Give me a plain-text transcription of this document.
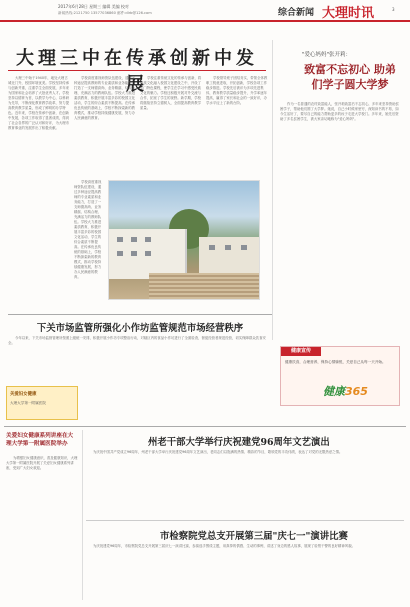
2017年6月28日 星期三 编辑 美编 校对
新闻热线:2121750 13577036860 邮件:dlrb@126.com	综合新闻 大理时讯	3
大理三中在传承创新中发展
大理三中始于1940年，地处大理古城北门外，校园环境优美。学校坚持传承与创新并重，注重学生全面发展，多年来为国家和社会培养了大批优秀人才。学校坚持以德育为首，以教学为中心，以科研为先导，不断深化教育教学改革，努力提高教育教学质量，形成了鲜明的办学特色。近年来，学校在传承中创新，在创新中发展，各项工作取得了显著成绩，得到了社会各界的广泛认可和好评，为大理市教育事业的发展作出了积极贡献。
学校高度重视师资队伍建设，通过多种途径提高教师的专业素质和业务能力，打造了一支师德高尚、业务精湛、结构合理、充满活力的教师队伍。学校大力推进素质教育，积极开展丰富多彩的校园文化活动，学生的综合素质不断提高。在传承优良传统的基础上，学校不断探索新的教育模式，推动学校持续健康发展，努力办人民满意的教育。
学校注重传统文化的传承与创新，将白族文化融入校园文化建设之中，开设了多门特色课程，使学生在学习中感受民族文化的魅力。学校还积极开展对外交流与合作，拓宽了学生的视野。新学期，学校将继续坚持立德树人，全面提高教育教学质量。
学校领导班子团结务实，带领全体教职工锐意进取，开拓创新，学校各项工作稳步推进。学校先后被评为多项先进集体，教育教学质量稳步提升，升学率逐年提高，赢得了家长和社会的一致好评，办学水平迈上了新的台阶。
学校高度重视师资队伍建设，通过多种途径提高教师的专业素质和业务能力，打造了一支师德高尚、业务精湛、结构合理、充满活力的教师队伍。学校大力推进素质教育，积极开展丰富多彩的校园文化活动，学生的综合素质不断提高。在传承优良传统的基础上，学校不断探索新的教育模式，推动学校持续健康发展，努力办人民满意的教育。
"爱心妈妈"张开莉：
致富不忘初心 助弟们学子圆大学梦
作为一名普通的农村致富能人，张开莉致富后不忘初心，多年来坚持资助贫困学子，帮助他们圆了大学梦。她说，自己小时候家里穷，深知读书的不易，如今生活好了，要尽自己的能力帮助更多的孩子走进大学校门。多年来，她先后资助了多名贫困学生，被大家亲切地称为"爱心妈妈"。
下关市场监管所强化小作坊监管规范市场经营秩序
今年以来，下关市场监督管理所按照上级统一安排，积极开展小作坊专项整治行动，对辖区内的食品小作坊进行了全面检查，督促经营者规范经营，切实保障群众饮食安全。
健康宣传
健康饮食，合理营养，保持心情愉悦，关爱自己从每一天开始。
健康365
关爱妇女健康
大理大学第一附属医院
关爱妇女健康系列讲座在大理大学第一附属医院举办
为增强妇女健康意识，普及健康知识，大理大学第一附属医院开展了关爱妇女健康系列讲座，受到广大妇女欢迎。
州老干部大学举行庆祝建党96周年文艺演出
为庆祝中国共产党成立96周年，州老干部大学举行庆祝建党96周年文艺演出，老同志们以饱满的热情、精彩的节目，歌颂党的丰功伟绩，表达了对党的无限热爱之情。
市检察院党总支开展第三届"庆七一"演讲比赛
为庆祝建党96周年，市检察院党总支开展第三届庆七一演讲比赛，参赛选手围绕主题，用真挚的情感、生动的事例，讲述了身边的感人故事，展现了检察干警的良好精神风貌。
